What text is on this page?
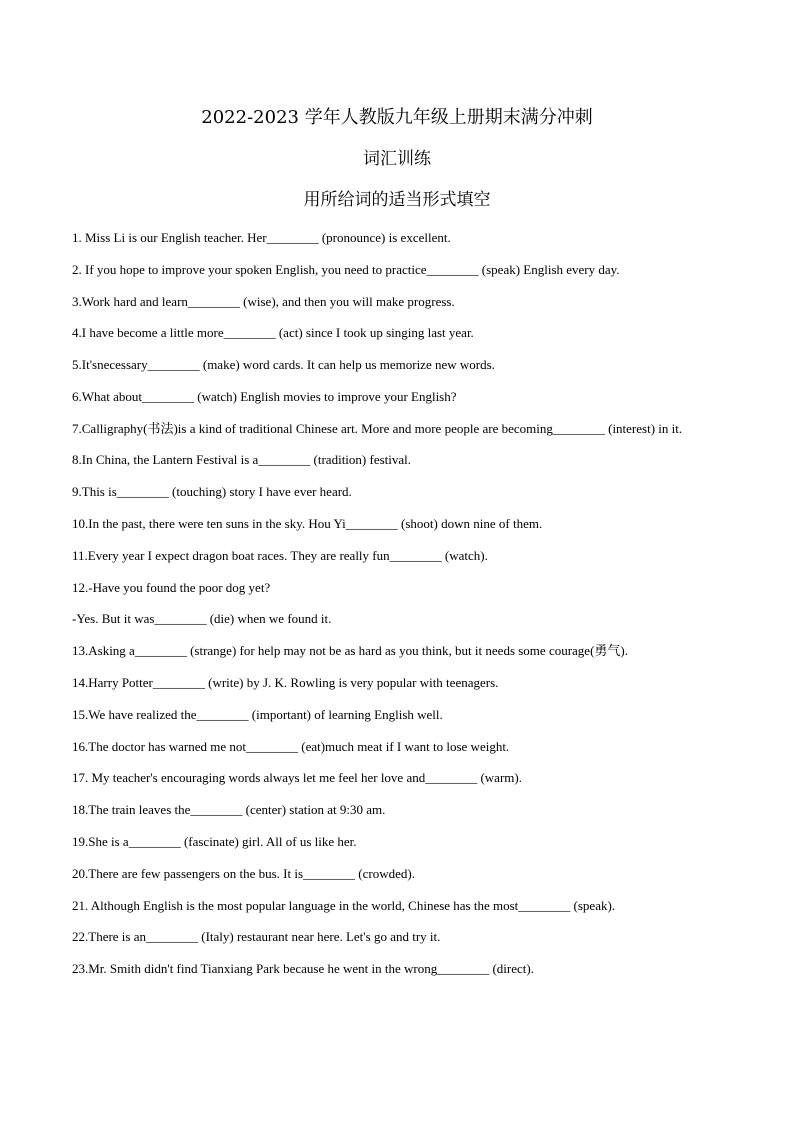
2022-2023 学年人教版九年级上册期末满分冲刺
词汇训练
用所给词的适当形式填空
1. Miss Li is our English teacher. Her________ (pronounce) is excellent.
2. If you hope to improve your spoken English, you need to practice________ (speak) English every day.
3.Work hard and learn________ (wise), and then you will make progress.
4.I have become a little more________ (act) since I took up singing last year.
5.It'snecessary________ (make) word cards. It can help us memorize new words.
6.What about________ (watch) English movies to improve your English?
7.Calligraphy(书法)is a kind of traditional Chinese art. More and more people are becoming________ (interest) in it.
8.In China, the Lantern Festival is a________ (tradition) festival.
9.This is________ (touching) story I have ever heard.
10.In the past, there were ten suns in the sky. Hou Yi________ (shoot) down nine of them.
11.Every year I expect dragon boat races. They are really fun________ (watch).
12.-Have you found the poor dog yet?
-Yes. But it was________ (die) when we found it.
13.Asking a________ (strange) for help may not be as hard as you think, but it needs some courage(勇气).
14.Harry Potter________ (write) by J. K. Rowling is very popular with teenagers.
15.We have realized the________ (important) of learning English well.
16.The doctor has warned me not________ (eat)much meat if I want to lose weight.
17. My teacher's encouraging words always let me feel her love and________ (warm).
18.The train leaves the________ (center) station at 9:30 am.
19.She is a________ (fascinate) girl. All of us like her.
20.There are few passengers on the bus. It is________ (crowded).
21. Although English is the most popular language in the world, Chinese has the most________ (speak).
22.There is an________ (Italy) restaurant near here. Let's go and try it.
23.Mr. Smith didn't find Tianxiang Park because he went in the wrong________ (direct).
